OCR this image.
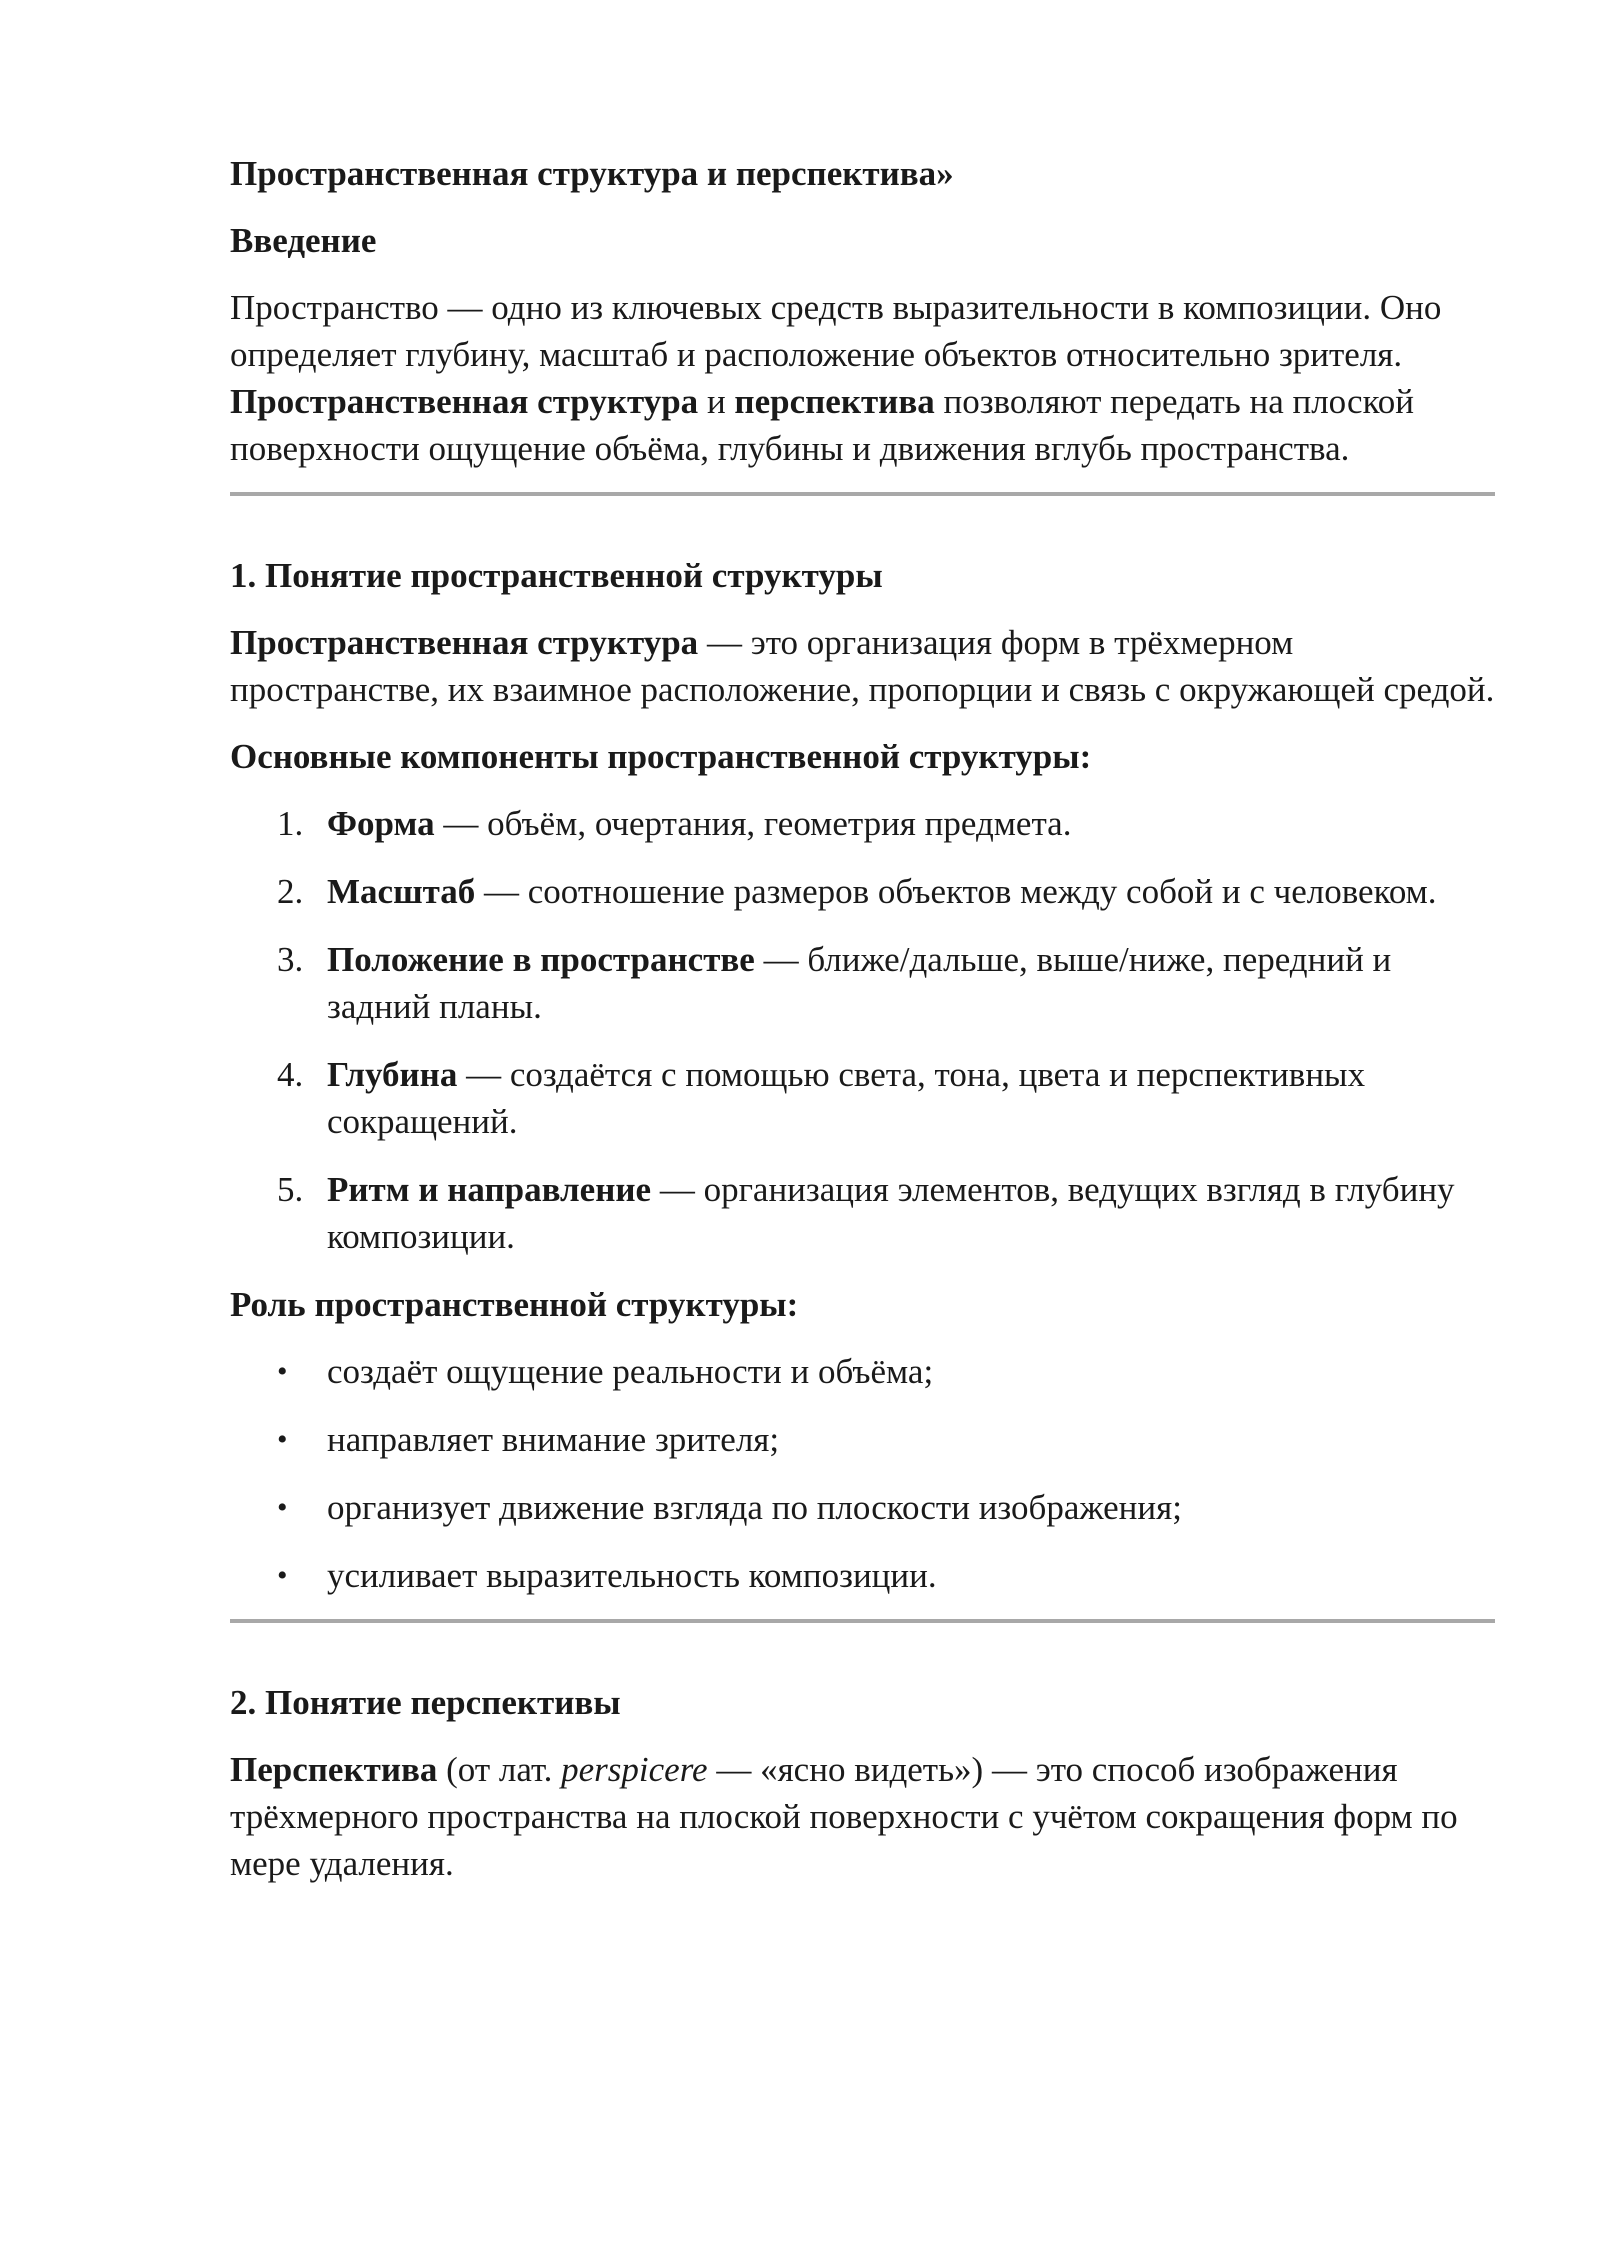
Пространственная структура и перспектива»

Введение

Пространство — одно из ключевых средств выразительности в композиции. Оно определяет глубину, масштаб и расположение объектов относительно зрителя.

Пространственная структура и перспектива позволяют передать на плоской поверхности ощущение объёма, глубины и движения вглубь пространства.

1. Понятие пространственной структуры

Пространственная структура — это организация форм в трёхмерном пространстве, их взаимное расположение, пропорции и связь с окружающей средой.

Основные компоненты пространственной структуры:

1. Форма — объём, очертания, геометрия предмета.
2. Масштаб — соотношение размеров объектов между собой и с человеком.
3. Положение в пространстве — ближе/дальше, выше/ниже, передний и задний планы.
4. Глубина — создаётся с помощью света, тона, цвета и перспективных сокращений.
5. Ритм и направление — организация элементов, ведущих взгляд в глубину композиции.

Роль пространственной структуры:

•	создаёт ощущение реальности и объёма;
•	направляет внимание зрителя;
•	организует движение взгляда по плоскости изображения;
•	усиливает выразительность композиции.

2. Понятие перспективы

Перспектива (от лат. perspicere — «ясно видеть») — это способ изображения трёхмерного пространства на плоской поверхности с учётом сокращения форм по мере удаления.
